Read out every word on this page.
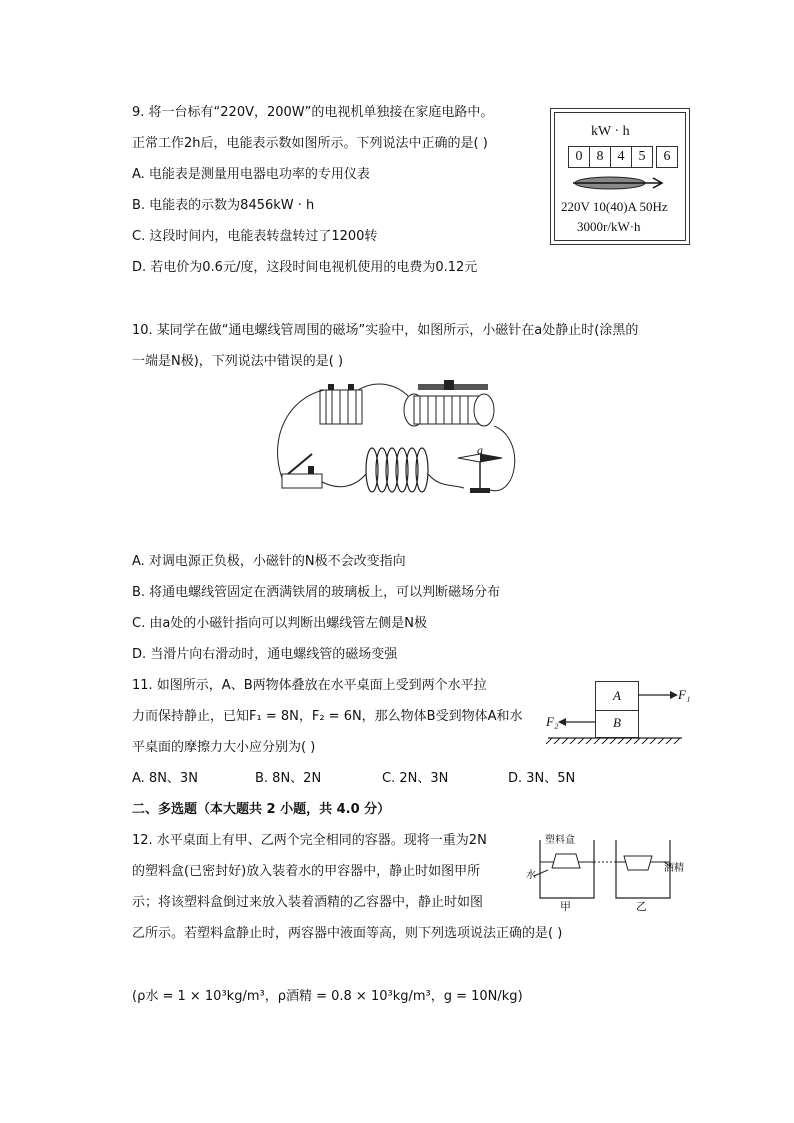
9. 将一台标有“220V，200W”的电视机单独接在家庭电路中。
正常工作2h后，电能表示数如图所示。下列说法中正确的是( )
A. 电能表是测量用电器电功率的专用仪表
B. 电能表的示数为8456kW · h
C. 这段时间内，电能表转盘转过了1200转
D. 若电价为0.6元/度，这段时间电视机使用的电费为0.12元
kW · h
0	8	4	5	6
220V 10(40)A 50Hz
3000r/kW·h
10. 某同学在做“通电螺线管周围的磁场”实验中，如图所示，小磁针在a处静止时(涂黑的
一端是N极)，下列说法中错误的是( )
a
A. 对调电源正负极，小磁针的N极不会改变指向
B. 将通电螺线管固定在洒满铁屑的玻璃板上，可以判断磁场分布
C. 由a处的小磁针指向可以判断出螺线管左侧是N极
D. 当滑片向右滑动时，通电螺线管的磁场变强
11. 如图所示，A、B两物体叠放在水平桌面上受到两个水平拉
力而保持静止，已知F₁ = 8N，F₂ = 6N，那么物体B受到物体A和水
平桌面的摩擦力大小应分别为( )
A
B
F₁
F₂
A. 8N、3N	B. 8N、2N	C. 2N、3N	D. 3N、5N
二、多选题（本大题共 2 小题，共 4.0 分）
12. 水平桌面上有甲、乙两个完全相同的容器。现将一重为2N
的塑料盒(已密封好)放入装着水的甲容器中，静止时如图甲所
示；将该塑料盒倒过来放入装着酒精的乙容器中，静止时如图
乙所示。若塑料盒静止时，两容器中液面等高，则下列选项说法正确的是( )
塑料盒
水
酒精
甲	乙
(ρ水 = 1 × 10³kg/m³，ρ酒精 = 0.8 × 10³kg/m³，g = 10N/kg)
